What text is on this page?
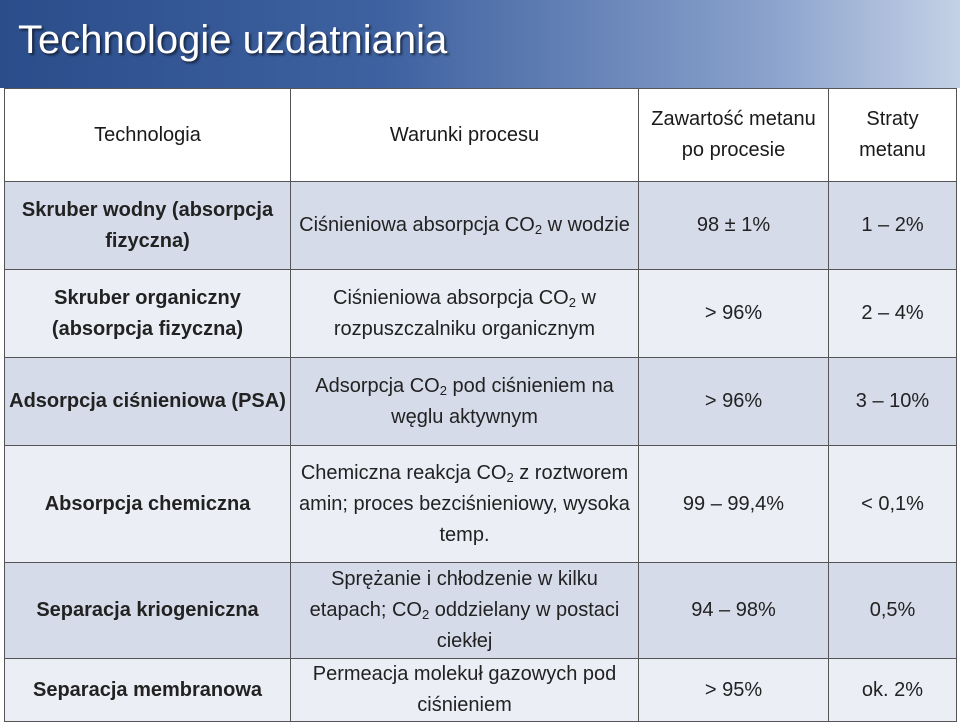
Technologie uzdatniania
Technologia	Warunki procesu	Zawartość metanu po procesie	Straty metanu
Skruber wodny (absorpcja fizyczna)	Ciśnieniowa absorpcja $CO_2$ w wodzie	98 ± 1%	1 – 2%
Skruber organiczny (absorpcja fizyczna)	Ciśnieniowa absorpcja $CO_2$ w rozpuszczalniku organicznym	> 96%	2 – 4%
Adsorpcja ciśnieniowa (PSA)	Adsorpcja $CO_2$ pod ciśnieniem na węglu aktywnym	> 96%	3 – 10%
Absorpcja chemiczna	Chemiczna reakcja $CO_2$ z roztworem amin; proces bezciśnieniowy, wysoka temp.	99 – 99,4%	< 0,1%
Separacja kriogeniczna	Sprężanie i chłodzenie w kilku etapach; $CO_2$ oddzielany w postaci ciekłej	94 – 98%	0,5%
Separacja membranowa	Permeacja molekuł gazowych pod ciśnieniem	> 95%	ok. 2%
